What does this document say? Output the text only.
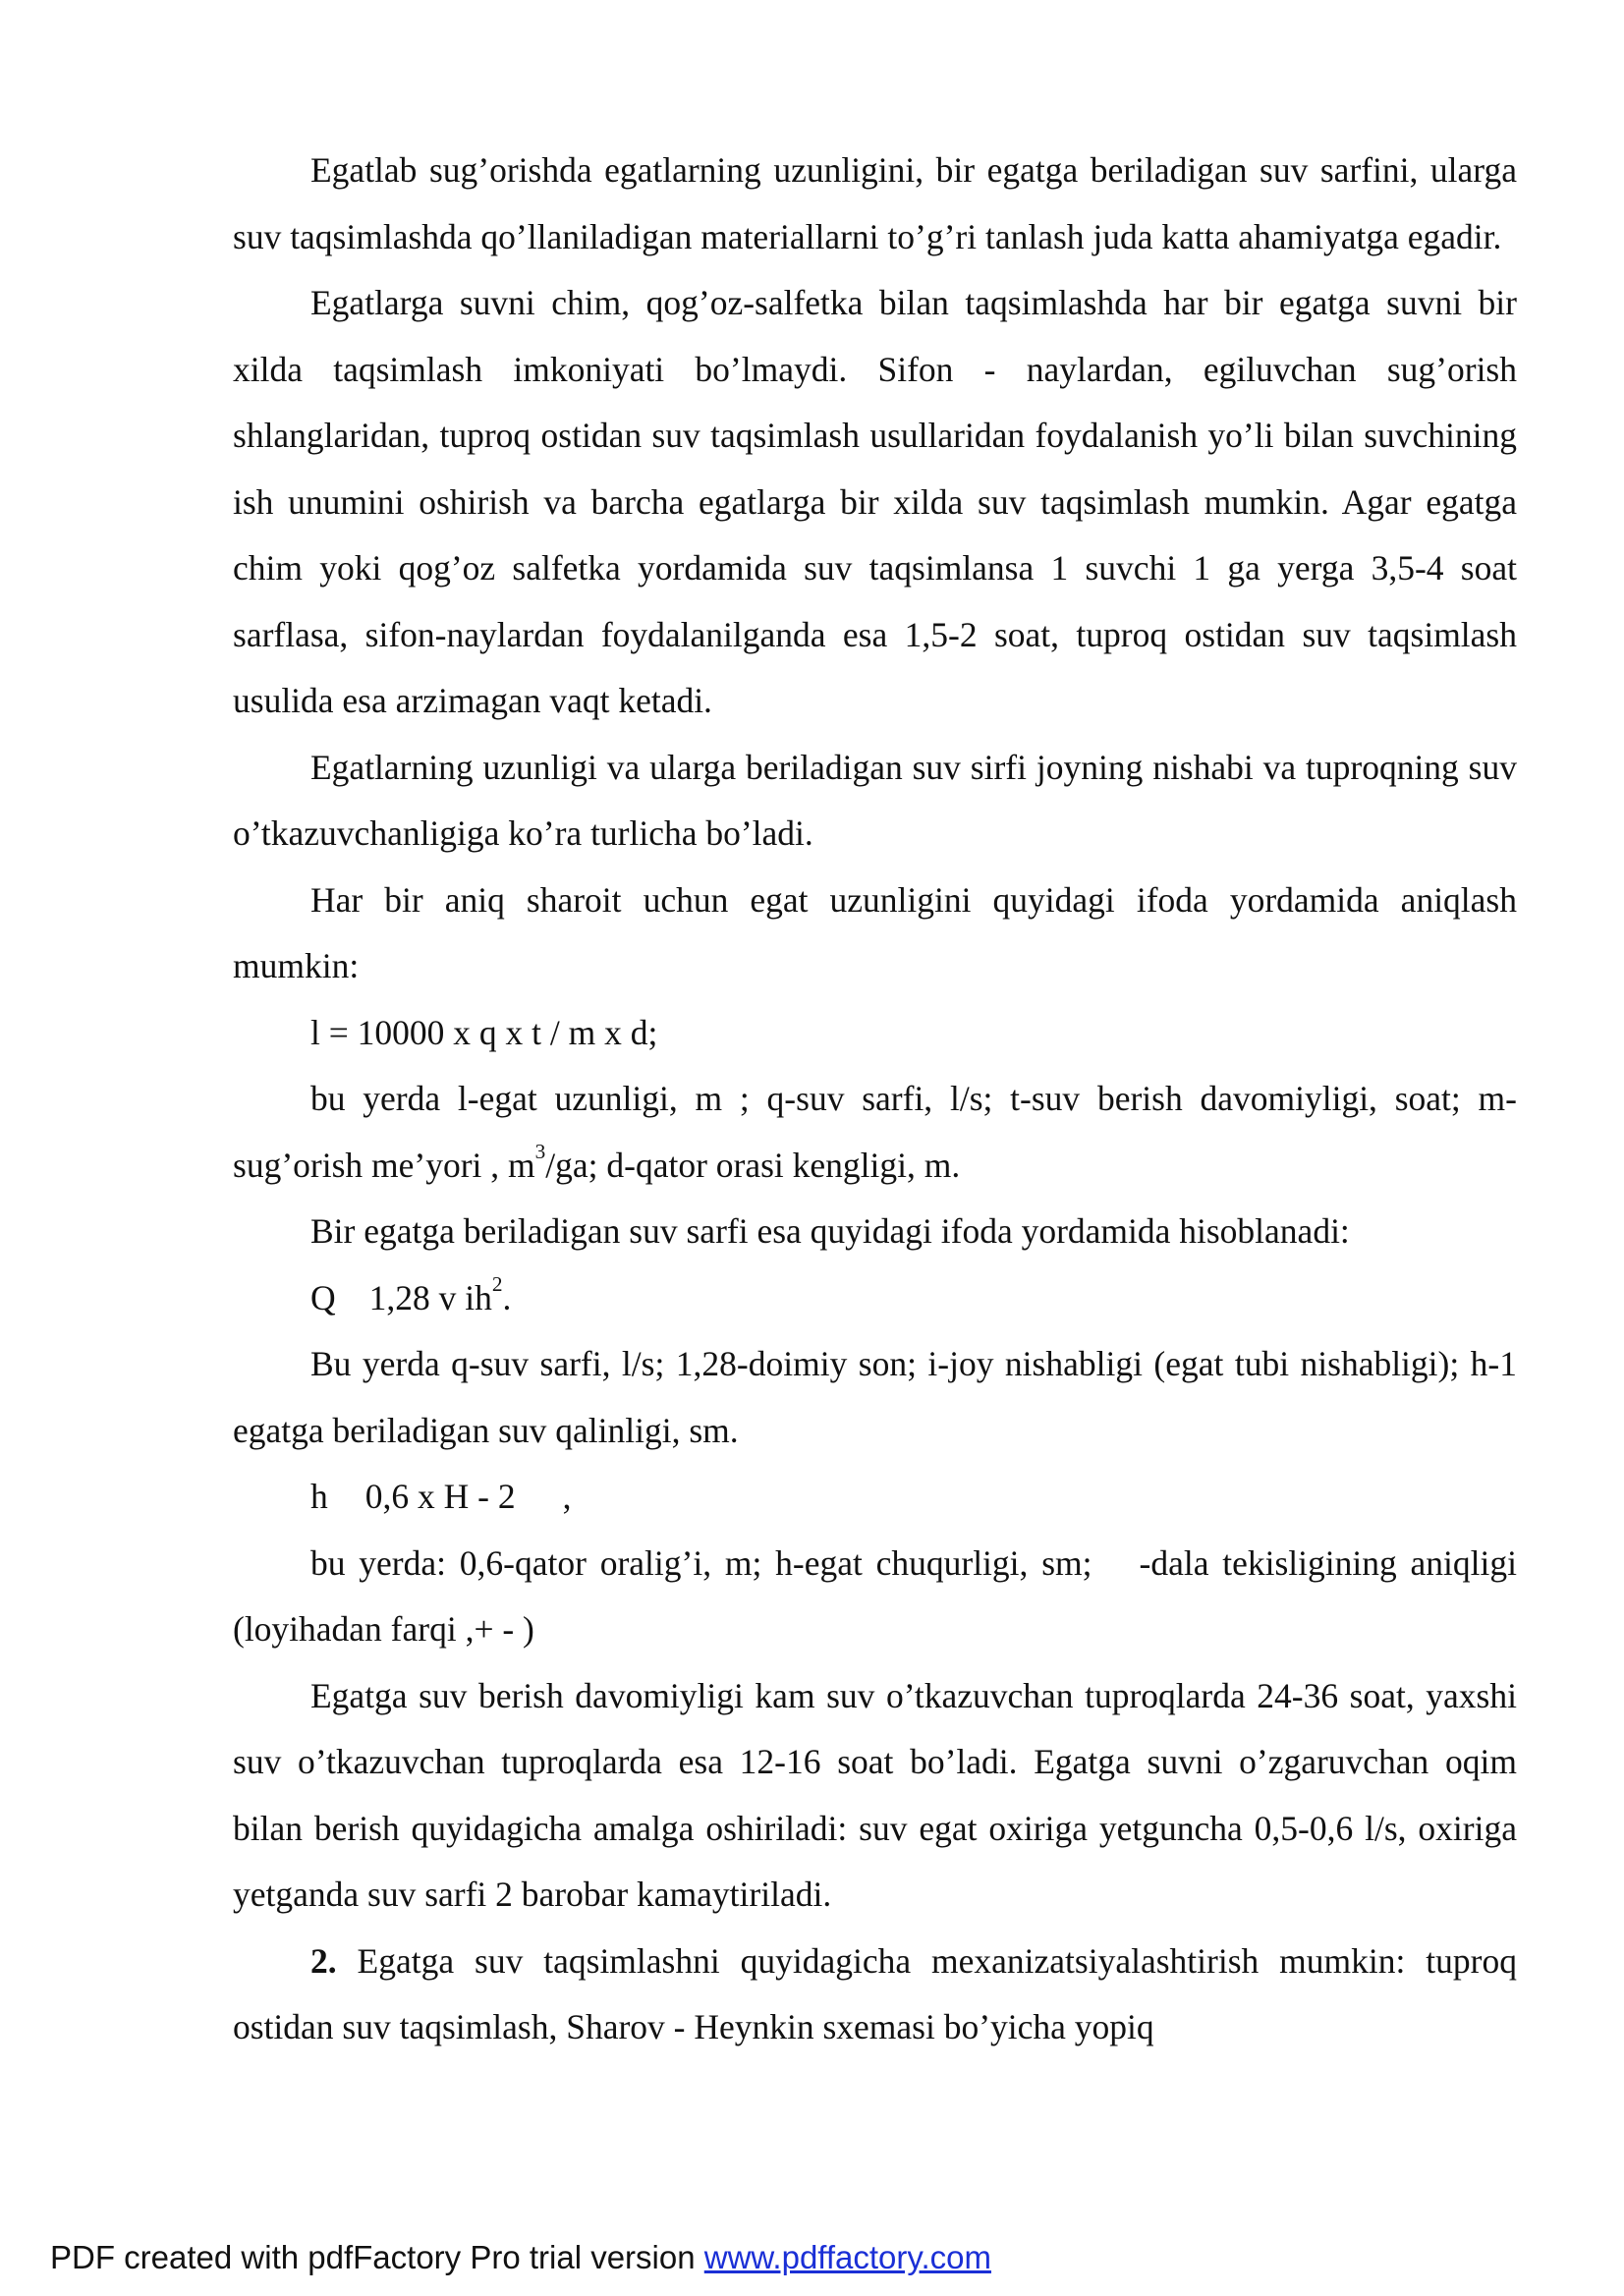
Egatlab sug’orishda egatlarning uzunligini, bir egatga beriladigan suv sarfini, ularga suv taqsimlashda qo’llaniladigan materiallarni to’g’ri tanlash juda katta ahamiyatga egadir.

Egatlarga suvni chim, qog’oz-salfetka bilan taqsimlashda har bir egatga suvni bir xilda taqsimlash imkoniyati bo’lmaydi. Sifon - naylardan, egiluvchan sug’orish shlanglaridan, tuproq ostidan suv taqsimlash usullaridan foydalanish yo’li bilan suvchining ish unumini oshirish va barcha egatlarga bir xilda suv taqsimlash mumkin. Agar egatga chim yoki qog’oz salfetka yordamida suv taqsimlansa 1 suvchi 1 ga yerga 3,5-4 soat sarflasa, sifon-naylardan foydalanilganda esa 1,5-2 soat, tuproq ostidan suv taqsimlash usulida esa arzimagan vaqt ketadi.

Egatlarning uzunligi va ularga beriladigan suv sirfi joyning nishabi va tuproqning suv o’tkazuvchanligiga ko’ra turlicha bo’ladi.

Har bir aniq sharoit uchun egat uzunligini quyidagi ifoda yordamida aniqlash mumkin:

l = 10000 x q x t / m x d;

bu yerda l-egat uzunligi, m ; q-suv sarfi, l/s; t-suv berish davomiyligi, soat; m-sug’orish me’yori , $m^3/ga$; d-qator orasi kengligi, m.

Bir egatga beriladigan suv sarfi esa quyidagi ifoda yordamida hisoblanadi:

Q 1,28 v $ih^2$.

Bu yerda q-suv sarfi, l/s; 1,28-doimiy son; i-joy nishabligi (egat tubi nishabligi); h-1 egatga beriladigan suv qalinligi, sm.

h 0,6 x H - 2 ,

bu yerda: 0,6-qator oralig’i, m; h-egat chuqurligi, sm; -dala tekisligining aniqligi (loyihadan farqi ,+ - )

Egatga suv berish davomiyligi kam suv o’tkazuvchan tuproqlarda 24-36 soat, yaxshi suv o’tkazuvchan tuproqlarda esa 12-16 soat bo’ladi. Egatga suvni o’zgaruvchan oqim bilan berish quyidagicha amalga oshiriladi: suv egat oxiriga yetguncha 0,5-0,6 l/s, oxiriga yetganda suv sarfi 2 barobar kamaytiriladi.

2. Egatga suv taqsimlashni quyidagicha mexanizatsiyalashtirish mumkin: tuproq ostidan suv taqsimlash, Sharov - Heynkin sxemasi bo’yicha yopiq

PDF created with pdfFactory Pro trial version www.pdffactory.com
